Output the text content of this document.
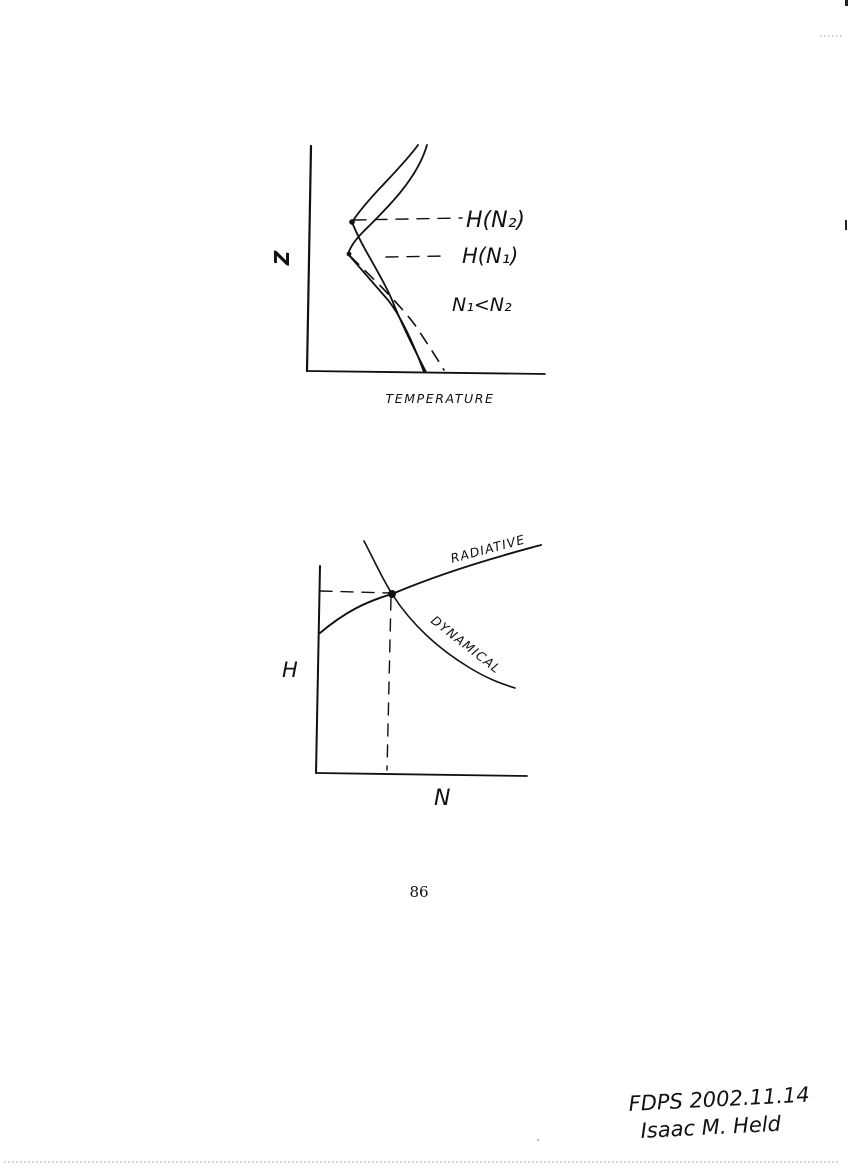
Z
H(N₂)
H(N₁)
N₁<N₂
TEMPERATURE
RADIATIVE
DYNAMICAL
H
N
86
FDPS 2002.11.14
Isaac M. Held
